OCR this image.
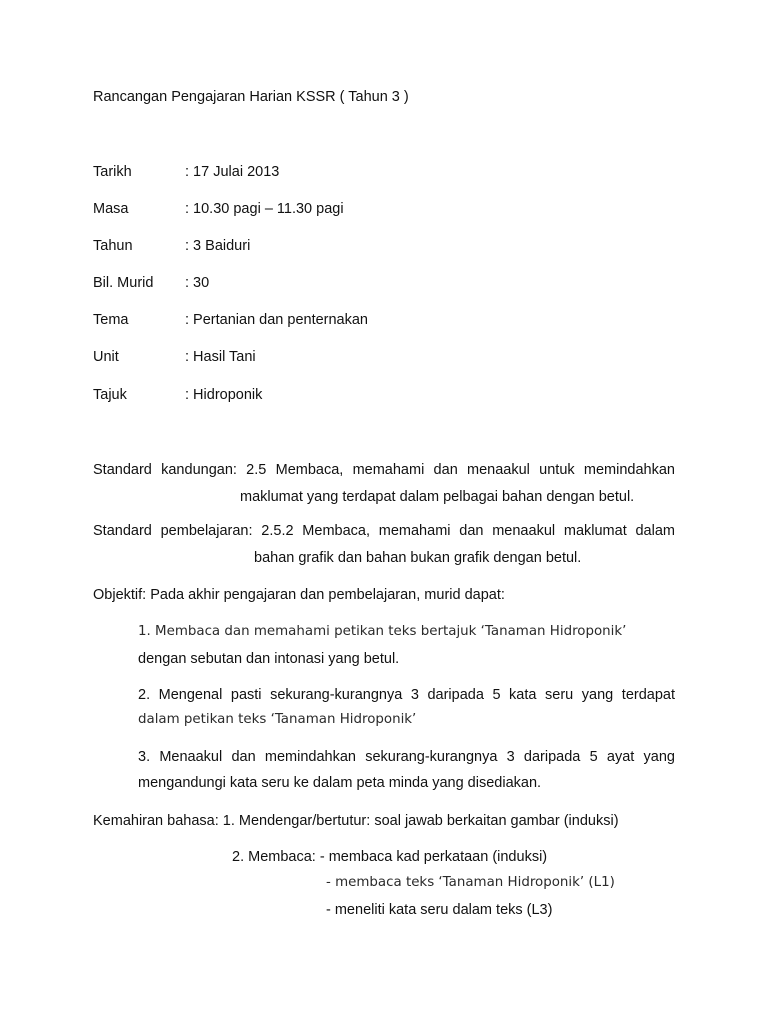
Rancangan Pengajaran Harian KSSR ( Tahun 3 )
Tarikh	: 17 Julai 2013
Masa	: 10.30 pagi – 11.30 pagi
Tahun	: 3 Baiduri
Bil. Murid : 30
Tema	: Pertanian dan penternakan
Unit	: Hasil Tani
Tajuk	: Hidroponik
Standard kandungan: 2.5 Membaca, memahami dan menaakul untuk memindahkan
maklumat yang terdapat dalam pelbagai bahan dengan betul.
Standard pembelajaran: 2.5.2 Membaca, memahami dan menaakul maklumat dalam
bahan grafik dan bahan bukan grafik dengan betul.
Objektif: Pada akhir pengajaran dan pembelajaran, murid dapat:
1. Membaca dan memahami petikan teks bertajuk ‘Tanaman Hidroponik’
dengan sebutan dan intonasi yang betul.
2. Mengenal pasti sekurang-kurangnya 3 daripada 5 kata seru yang terdapat
dalam petikan teks ‘Tanaman Hidroponik’
3. Menaakul dan memindahkan sekurang-kurangnya 3 daripada 5 ayat yang
mengandungi kata seru ke dalam peta minda yang disediakan.
Kemahiran bahasa: 1. Mendengar/bertutur: soal jawab berkaitan gambar (induksi)
2. Membaca: - membaca kad perkataan (induksi)
- membaca teks ‘Tanaman Hidroponik’ (L1)
- meneliti kata seru dalam teks (L3)
